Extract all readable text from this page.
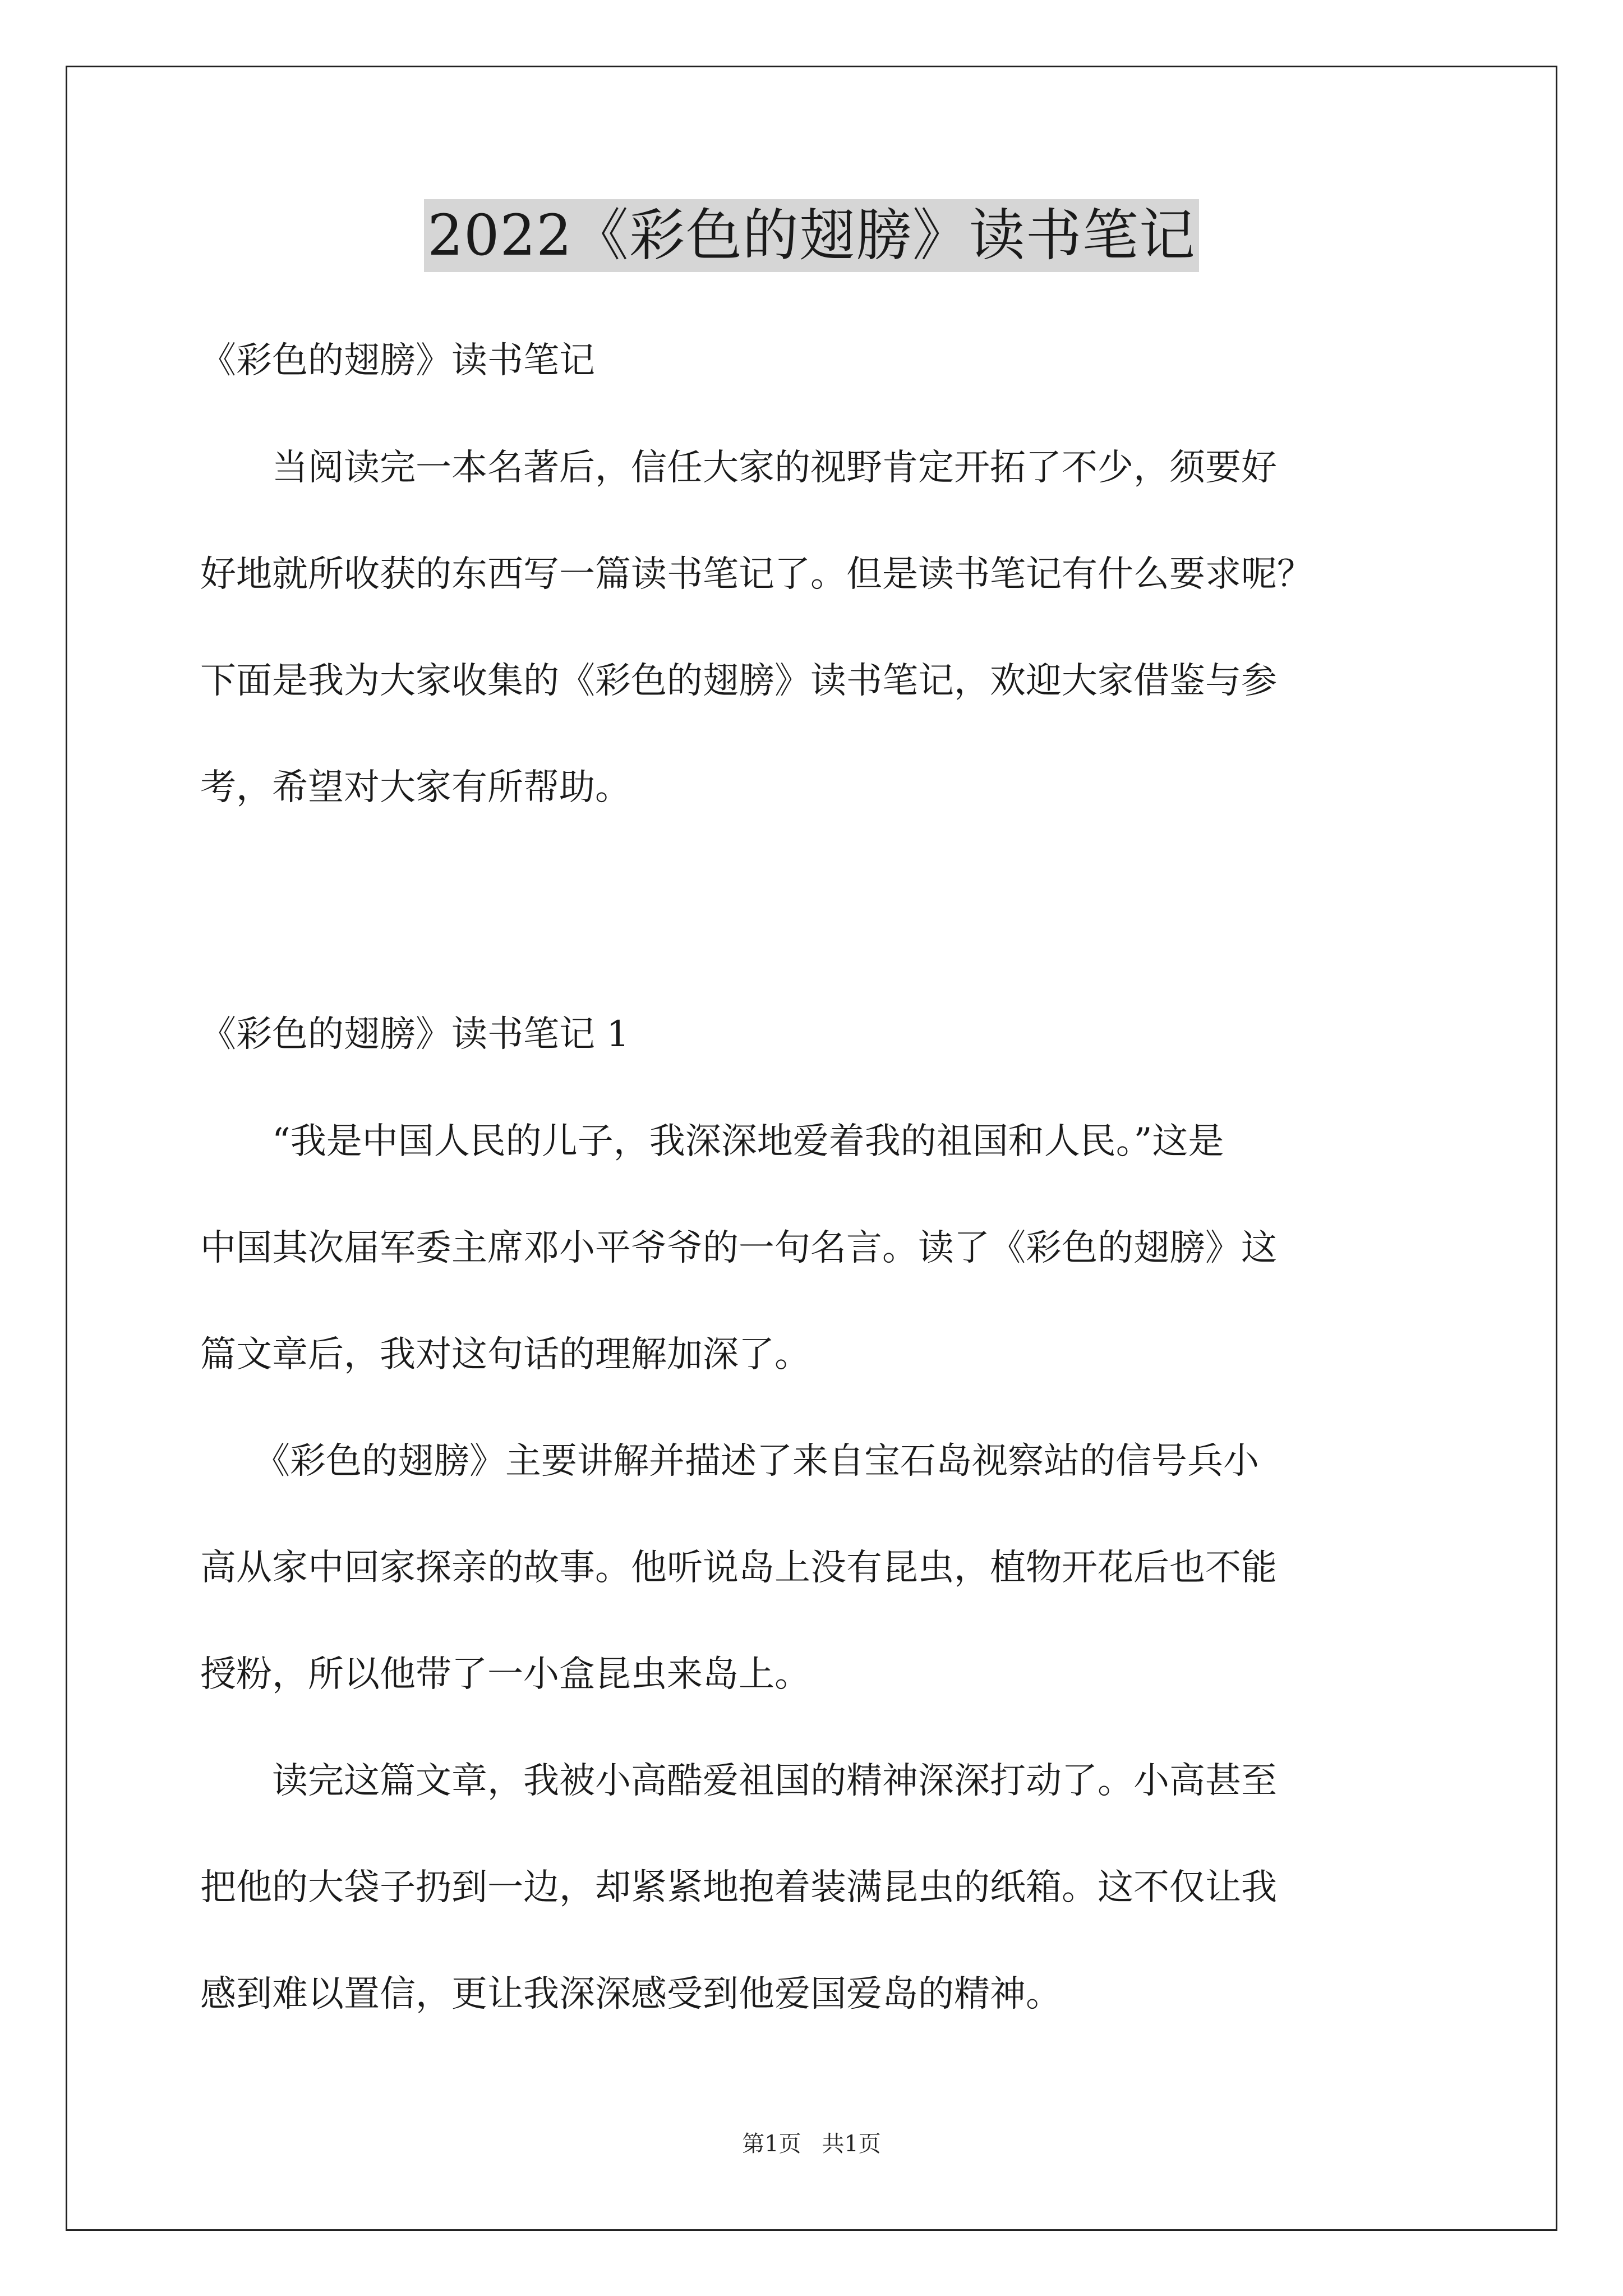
2022《彩色的翅膀》读书笔记
《彩色的翅膀》读书笔记
　　当阅读完一本名著后，信任大家的视野肯定开拓了不少，须要好
好地就所收获的东西写一篇读书笔记了。但是读书笔记有什么要求呢？
下面是我为大家收集的《彩色的翅膀》读书笔记，欢迎大家借鉴与参
考，希望对大家有所帮助。
《彩色的翅膀》读书笔记 1
　　“我是中国人民的儿子，我深深地爱着我的祖国和人民。”这是
中国其次届军委主席邓小平爷爷的一句名言。读了《彩色的翅膀》这
篇文章后，我对这句话的理解加深了。
　　《彩色的翅膀》主要讲解并描述了来自宝石岛视察站的信号兵小
高从家中回家探亲的故事。他听说岛上没有昆虫，植物开花后也不能
授粉，所以他带了一小盒昆虫来岛上。
　　读完这篇文章，我被小高酷爱祖国的精神深深打动了。小高甚至
把他的大袋子扔到一边，却紧紧地抱着装满昆虫的纸箱。这不仅让我
感到难以置信，更让我深深感受到他爱国爱岛的精神。
第1页 共1页
